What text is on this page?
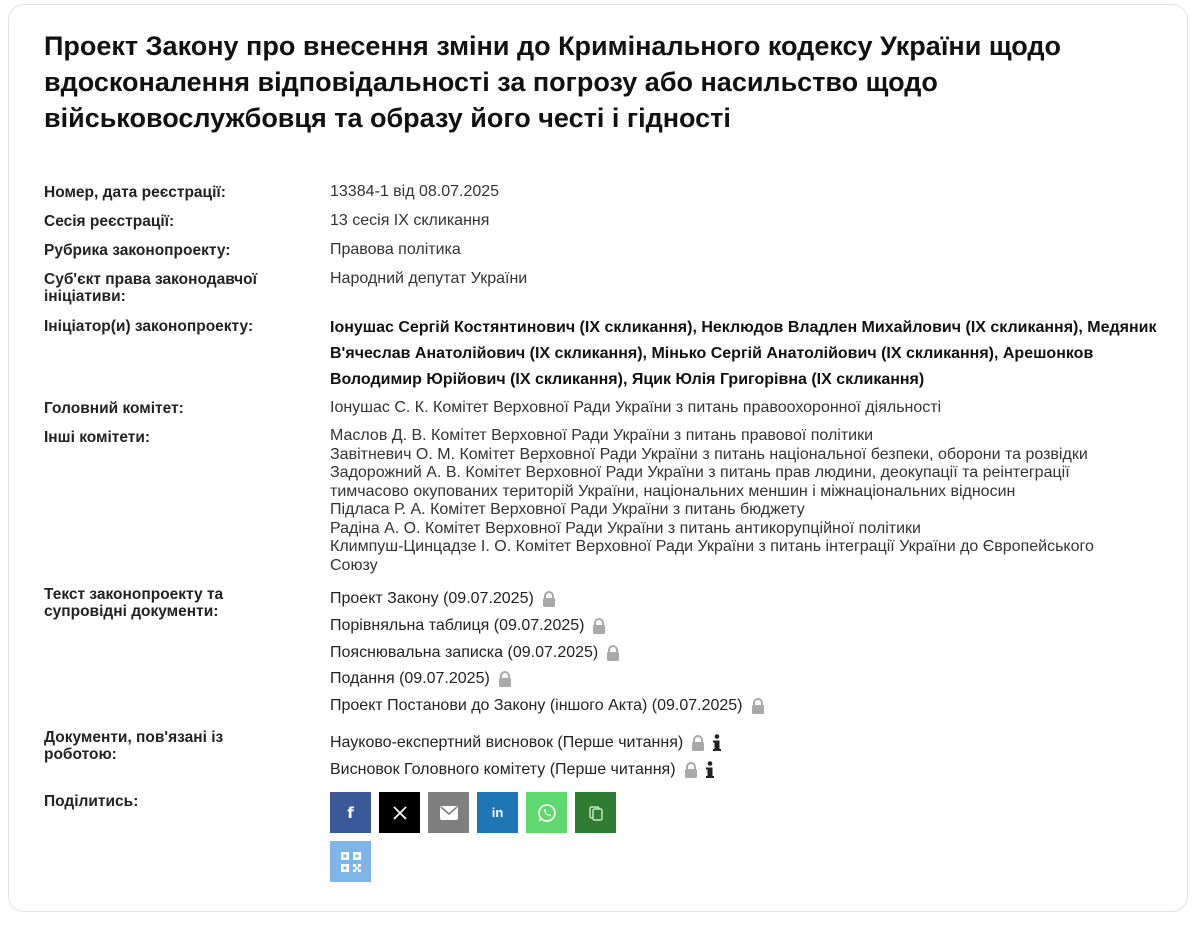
Проект Закону про внесення зміни до Кримінального кодексу України щодо вдосконалення відповідальності за погрозу або насильство щодо військовослужбовця та образу його честі і гідності
Номер, дата реєстрації:	13384-1 від 08.07.2025
Сесія реєстрації:	13 сесія IX скликання
Рубрика законопроекту:	Правова політика
Суб'єкт права законодавчої ініціативи:
Народний депутат України
Ініціатор(и) законопроекту:	Іонушас Сергій Костянтинович (IX скликання), Неклюдов Владлен Михайлович (IX скликання), Медяник В'ячеслав Анатолійович (IX скликання), Мінько Сергій Анатолійович (IX скликання), Арешонков Володимир Юрійович (IX скликання), Яцик Юлія Григорівна (IX скликання)
Головний комітет:	Іонушас С. К. Комітет Верховної Ради України з питань правоохоронної діяльності
Інші комітети:	Маслов Д. В. Комітет Верховної Ради України з питань правової політики
Завітневич О. М. Комітет Верховної Ради України з питань національної безпеки, оборони та розвідки
Задорожний А. В. Комітет Верховної Ради України з питань прав людини, деокупації та реінтеграції
тимчасово окупованих територій України, національних меншин і міжнаціональних відносин
Підласа Р. А. Комітет Верховної Ради України з питань бюджету
Радіна А. О. Комітет Верховної Ради України з питань антикорупційної політики
Климпуш-Цинцадзе І. О. Комітет Верховної Ради України з питань інтеграції України до Європейського
Союзу
Текст законопроекту та супровідні документи:
Проект Закону (09.07.2025)
Порівняльна таблиця (09.07.2025)
Пояснювальна записка (09.07.2025)
Подання (09.07.2025)
Проект Постанови до Закону (іншого Акта) (09.07.2025)
Документи, пов'язані із роботою:
Науково-експертний висновок (Перше читання)
Висновок Головного комітету (Перше читання)
Поділитись:
f	in
